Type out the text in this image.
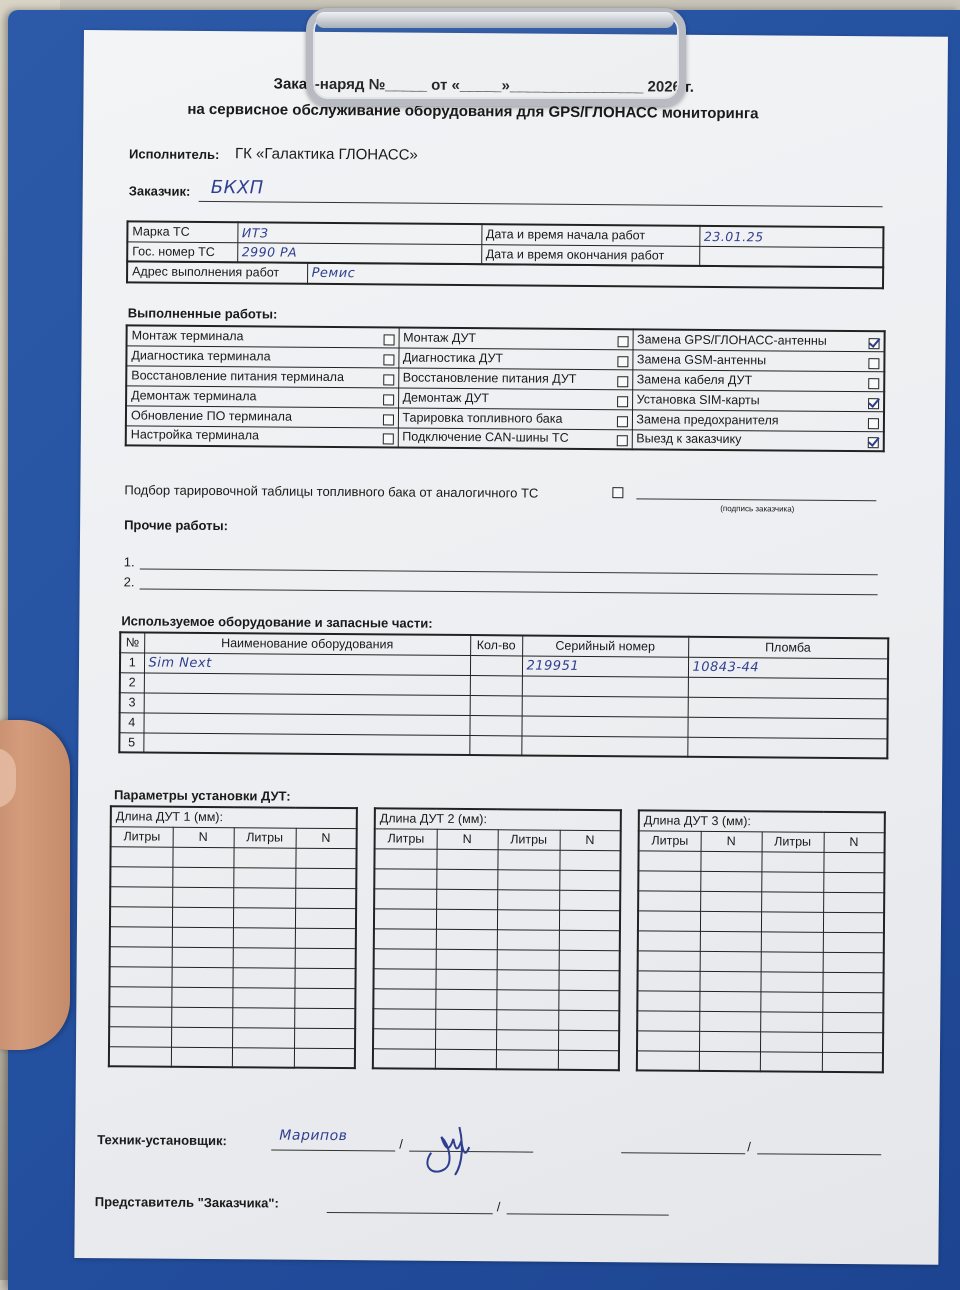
Заказ-наряд №_____ от «_____»________________ 2026 г.
на сервисное обслуживание оборудования для GPS/ГЛОНАСС мониторинга
Исполнитель: ГК «Галактика ГЛОНАСС»
Заказчик: БКХП
Марка ТС	ИТЗ	Дата и время начала работ	23.01.25
Гос. номер ТС	2990 РА	Дата и время окончания работ	
Адрес выполнения работ	Ремис
Выполненные работы:
Монтаж терминала	Монтаж ДУТ	Замена GPS/ГЛОНАСС-антенны

Диагностика терминала	Диагностика ДУТ	Замена GSM-антенны

Восстановление питания терминала	Восстановление питания ДУТ	Замена кабеля ДУТ

Демонтаж терминала	Демонтаж ДУТ	Установка SIM-карты

Обновление ПО терминала	Тарировка топливного бака	Замена предохранителя

Настройка терминала	Подключение CAN-шины ТС	Выезд к заказчику
Подбор тарировочной таблицы топливного бака от аналогичного ТС
(подпись заказчика)
Прочие работы:
1.
2.
Используемое оборудование и запасные части:
№	Наименование оборудования	Кол-во	Серийный номер	Пломба
1	Sim Next		219951	10843-44
2				
3				
4				
5				
Параметры установки ДУТ:
Длина ДУТ 1 (мм):			
Литры	N	Литры	N

Длина ДУТ 2 (мм):			
Литры	N	Литры	N

Длина ДУТ 3 (мм):			
Литры	N	Литры	N

Техник-установщик:	Марипов	/	/
Представитель "Заказчика":	/
